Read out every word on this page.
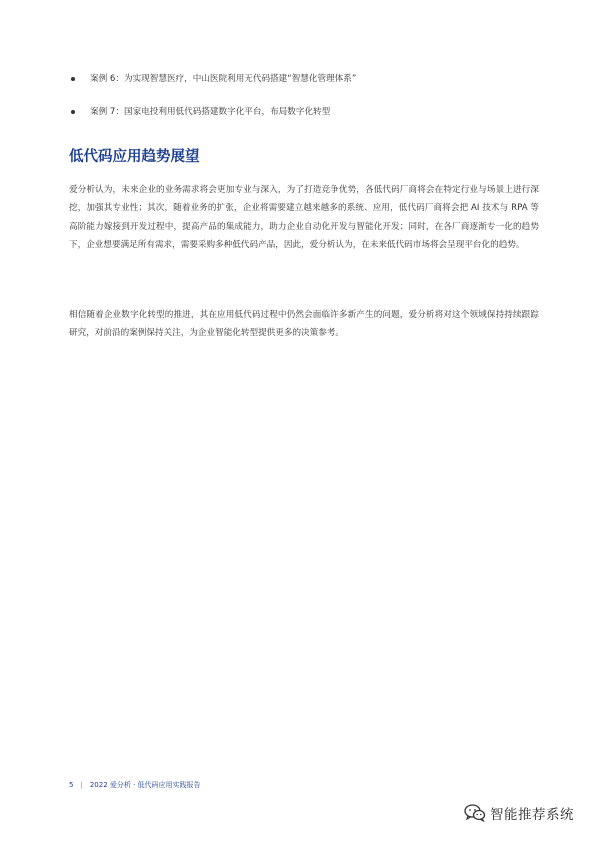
案例 6：为实现智慧医疗，中山医院利用无代码搭建“智慧化管理体系”
案例 7：国家电投利用低代码搭建数字化平台，布局数字化转型
低代码应用趋势展望

爱分析认为，未来企业的业务需求将会更加专业与深入，为了打造竞争优势，各低代码厂商将会在特定行业与场景上进行深挖，加强其专业性；其次，随着业务的扩张，企业将需要建立越来越多的系统、应用，低代码厂商将会把 AI 技术与 RPA 等高阶能力嫁接到开发过程中，提高产品的集成能力，助力企业自动化开发与智能化开发；同时，在各厂商逐渐专一化的趋势下，企业想要满足所有需求，需要采购多种低代码产品，因此，爱分析认为，在未来低代码市场将会呈现平台化的趋势。

相信随着企业数字化转型的推进，其在应用低代码过程中仍然会面临许多新产生的问题，爱分析将对这个领域保持持续跟踪研究，对前沿的案例保持关注，为企业智能化转型提供更多的决策参考。

5 | 2022 爱分析 · 低代码应用实践报告
智能推荐系统
